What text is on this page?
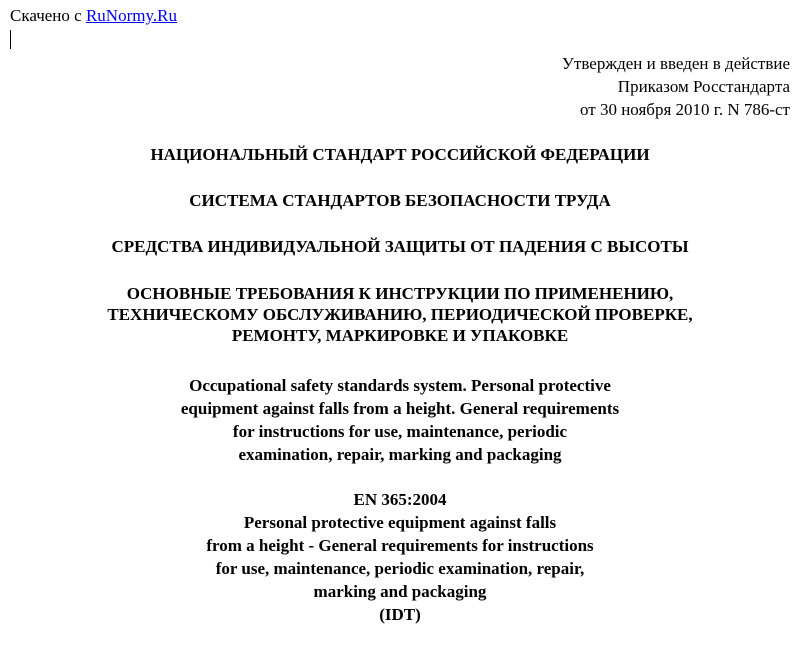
Скачено с RuNormy.Ru
Утвержден и введен в действие
Приказом Росстандарта
от 30 ноября 2010 г. N 786-ст
НАЦИОНАЛЬНЫЙ СТАНДАРТ РОССИЙСКОЙ ФЕДЕРАЦИИ
СИСТЕМА СТАНДАРТОВ БЕЗОПАСНОСТИ ТРУДА
СРЕДСТВА ИНДИВИДУАЛЬНОЙ ЗАЩИТЫ ОТ ПАДЕНИЯ С ВЫСОТЫ
ОСНОВНЫЕ ТРЕБОВАНИЯ К ИНСТРУКЦИИ ПО ПРИМЕНЕНИЮ,
ТЕХНИЧЕСКОМУ ОБСЛУЖИВАНИЮ, ПЕРИОДИЧЕСКОЙ ПРОВЕРКЕ,
РЕМОНТУ, МАРКИРОВКЕ И УПАКОВКЕ
Occupational safety standards system. Personal protective
equipment against falls from a height. General requirements
for instructions for use, maintenance, periodic
examination, repair, marking and packaging
EN 365:2004
Personal protective equipment against falls
from a height - General requirements for instructions
for use, maintenance, periodic examination, repair,
marking and packaging
(IDT)
